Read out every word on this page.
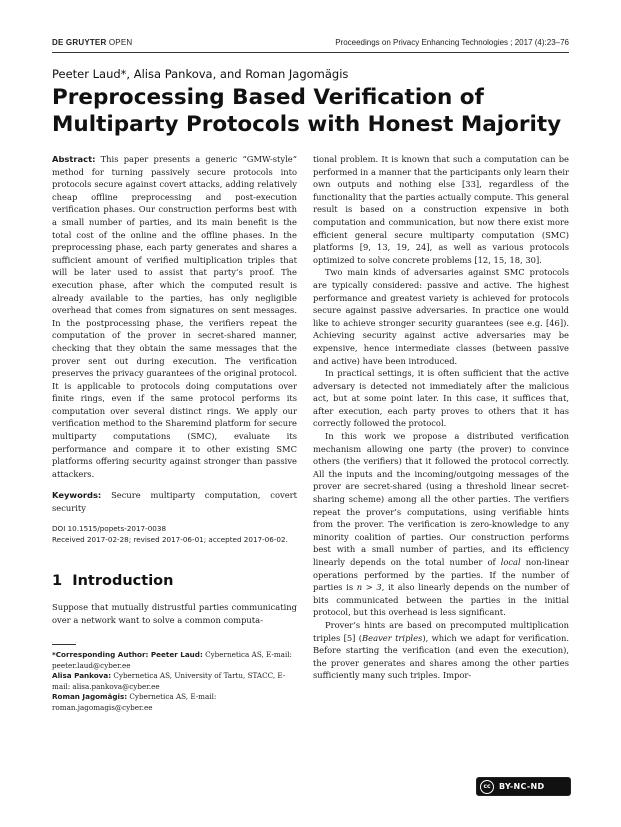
DE GRUYTER OPEN	Proceedings on Privacy Enhancing Technologies ; 2017 (4):23–76
Peeter Laud*, Alisa Pankova, and Roman Jagomägis
Preprocessing Based Verification of Multiparty Protocols with Honest Majority

Abstract: This paper presents a generic “GMW-style” method for turning passively secure protocols into protocols secure against covert attacks, adding relatively cheap offline preprocessing and post-execution verification phases. Our construction performs best with a small number of parties, and its main benefit is the total cost of the online and the offline phases. In the preprocessing phase, each party generates and shares a sufficient amount of verified multiplication triples that will be later used to assist that party’s proof. The execution phase, after which the computed result is already available to the parties, has only negligible overhead that comes from signatures on sent messages. In the postprocessing phase, the verifiers repeat the computation of the prover in secret-shared manner, checking that they obtain the same messages that the prover sent out during execution. The verification preserves the privacy guarantees of the original protocol. It is applicable to protocols doing computations over finite rings, even if the same protocol performs its computation over several distinct rings. We apply our verification method to the Sharemind platform for secure multiparty computations (SMC), evaluate its performance and compare it to other existing SMC platforms offering security against stronger than passive attackers.

Keywords: Secure multiparty computation, covert security

DOI 10.1515/popets-2017-0038
Received 2017-02-28; revised 2017-06-01; accepted 2017-06-02.
1 Introduction

Suppose that mutually distrustful parties communicating over a network want to solve a common computa-

*Corresponding Author: Peeter Laud: Cybernetica AS, E-mail: peeter.laud@cyber.ee

Alisa Pankova: Cybernetica AS, University of Tartu, STACC, E-mail: alisa.pankova@cyber.ee

Roman Jagomägis: Cybernetica AS, E-mail: roman.jagomagis@cyber.ee

tional problem. It is known that such a computation can be performed in a manner that the participants only learn their own outputs and nothing else [33], regardless of the functionality that the parties actually compute. This general result is based on a construction expensive in both computation and communication, but now there exist more efficient general secure multiparty computation (SMC) platforms [9, 13, 19, 24], as well as various protocols optimized to solve concrete problems [12, 15, 18, 30].

Two main kinds of adversaries against SMC protocols are typically considered: passive and active. The highest performance and greatest variety is achieved for protocols secure against passive adversaries. In practice one would like to achieve stronger security guarantees (see e.g. [46]). Achieving security against active adversaries may be expensive, hence intermediate classes (between passive and active) have been introduced.

In practical settings, it is often sufficient that the active adversary is detected not immediately after the malicious act, but at some point later. In this case, it suffices that, after execution, each party proves to others that it has correctly followed the protocol.

In this work we propose a distributed verification mechanism allowing one party (the prover) to convince others (the verifiers) that it followed the protocol correctly. All the inputs and the incoming/outgoing messages of the prover are secret-shared (using a threshold linear secret-sharing scheme) among all the other parties. The verifiers repeat the prover’s computations, using verifiable hints from the prover. The verification is zero-knowledge to any minority coalition of parties. Our construction performs best with a small number of parties, and its efficiency linearly depends on the total number of local non-linear operations performed by the parties. If the number of parties is n > 3, it also linearly depends on the number of bits communicated between the parties in the initial protocol, but this overhead is less significant.

Prover’s hints are based on precomputed multiplication triples [5] (Beaver triples), which we adapt for verification. Before starting the verification (and even the execution), the prover generates and shares among the other parties sufficiently many such triples. Impor-

cc	BY-NC-ND
